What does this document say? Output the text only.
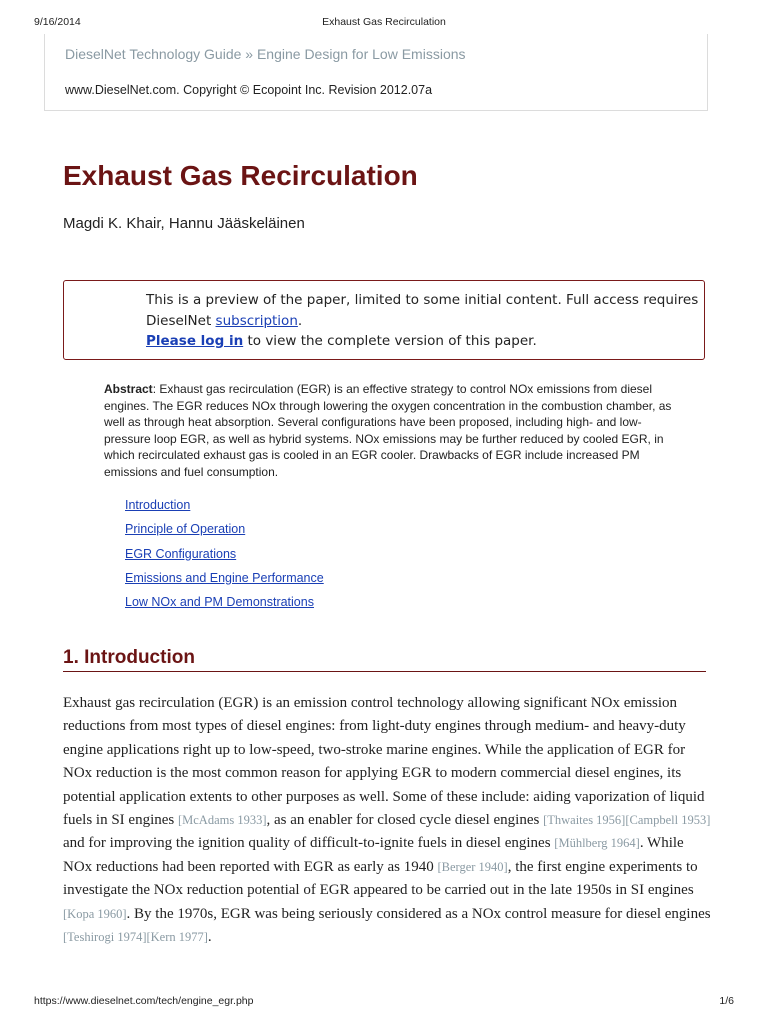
9/16/2014	Exhaust Gas Recirculation
DieselNet Technology Guide » Engine Design for Low Emissions
www.DieselNet.com. Copyright © Ecopoint Inc. Revision 2012.07a
Exhaust Gas Recirculation
Magdi K. Khair, Hannu Jääskeläinen
This is a preview of the paper, limited to some initial content. Full access requires DieselNet subscription.
Please log in to view the complete version of this paper.
Abstract: Exhaust gas recirculation (EGR) is an effective strategy to control NOx emissions from diesel engines. The EGR reduces NOx through lowering the oxygen concentration in the combustion chamber, as well as through heat absorption. Several configurations have been proposed, including high- and low-pressure loop EGR, as well as hybrid systems. NOx emissions may be further reduced by cooled EGR, in which recirculated exhaust gas is cooled in an EGR cooler. Drawbacks of EGR include increased PM emissions and fuel consumption.
Introduction
Principle of Operation
EGR Configurations
Emissions and Engine Performance
Low NOx and PM Demonstrations
1. Introduction
Exhaust gas recirculation (EGR) is an emission control technology allowing significant NOx emission reductions from most types of diesel engines: from light-duty engines through medium- and heavy-duty engine applications right up to low-speed, two-stroke marine engines. While the application of EGR for NOx reduction is the most common reason for applying EGR to modern commercial diesel engines, its potential application extents to other purposes as well. Some of these include: aiding vaporization of liquid fuels in SI engines [McAdams 1933], as an enabler for closed cycle diesel engines [Thwaites 1956][Campbell 1953] and for improving the ignition quality of difficult-to-ignite fuels in diesel engines [Mühlberg 1964]. While NOx reductions had been reported with EGR as early as 1940 [Berger 1940], the first engine experiments to investigate the NOx reduction potential of EGR appeared to be carried out in the late 1950s in SI engines [Kopa 1960]. By the 1970s, EGR was being seriously considered as a NOx control measure for diesel engines [Teshirogi 1974][Kern 1977].
https://www.dieselnet.com/tech/engine_egr.php	1/6
